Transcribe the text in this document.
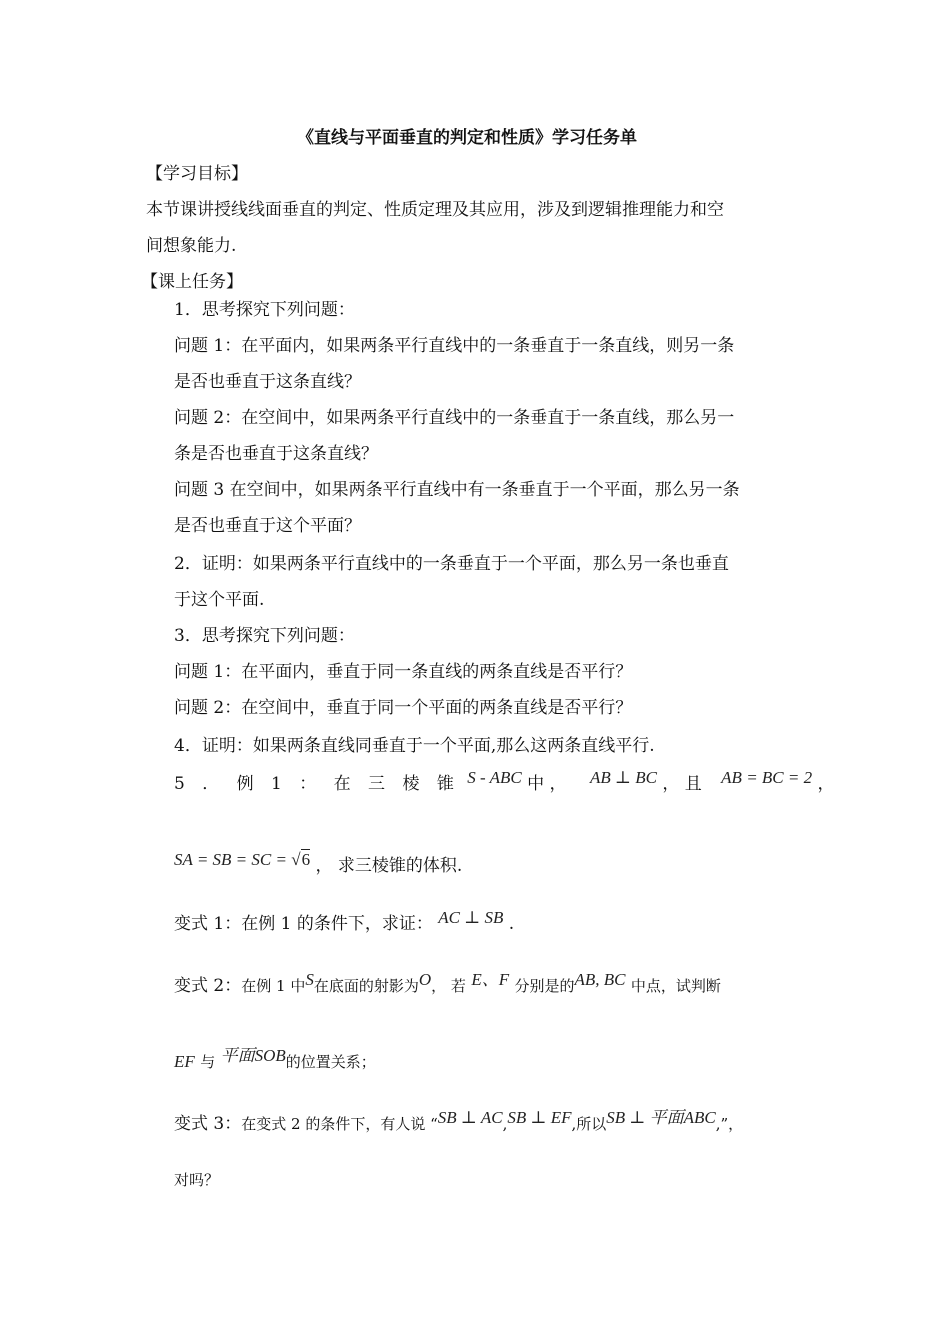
《直线与平面垂直的判定和性质》学习任务单
【学习目标】
本节课讲授线线面垂直的判定、性质定理及其应用，涉及到逻辑推理能力和空
间想象能力.
【课上任务】
1．思考探究下列问题：
问题 1：在平面内，如果两条平行直线中的一条垂直于一条直线，则另一条
是否也垂直于这条直线？
问题 2：在空间中，如果两条平行直线中的一条垂直于一条直线，那么另一
条是否也垂直于这条直线？
问题 3 在空间中，如果两条平行直线中有一条垂直于一个平面，那么另一条
是否也垂直于这个平面？
2．证明：如果两条平行直线中的一条垂直于一个平面，那么另一条也垂直
于这个平面.
3．思考探究下列问题：
问题 1：在平面内，垂直于同一条直线的两条直线是否平行？
问题 2：在空间中，垂直于同一个平面的两条直线是否平行？
4．证明：如果两条直线同垂直于一个平面,那么这两条直线平行.
5 ． 例 1 ： 在 三 棱 锥 S - ABC 中 ， AB ⊥ BC ， 且 AB = BC = 2 ，
SA = SB = SC = √6 ， 求三棱锥的体积.
变式 1：在例 1 的条件下，求证： AC ⊥ SB .
变式 2：在例 1 中S在底面的射影为O， 若 E、F 分别是的AB, BC 中点，试判断
EF 与 平面SOB的位置关系；
变式 3：在变式 2 的条件下，有人说 “SB ⊥ AC,SB ⊥ EF,所以SB ⊥ 平面ABC,”，
对吗？
